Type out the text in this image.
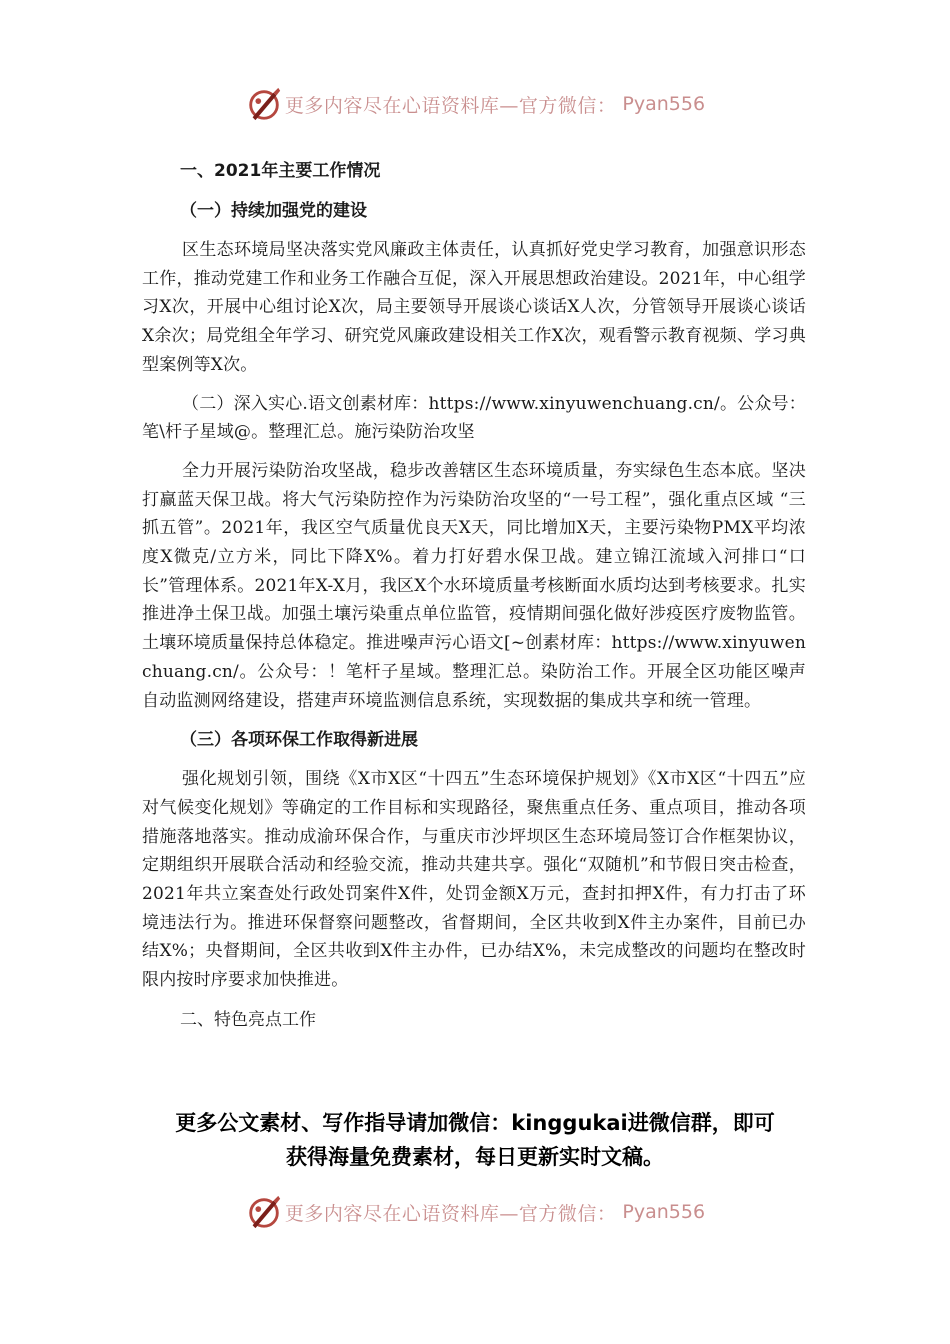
更多内容尽在心语资料库—官方微信： Pyan556
一、2021年主要工作情况
（一）持续加强党的建设

区生态环境局坚决落实党风廉政主体责任，认真抓好党史学习教育，加强意识形态工作，推动党建工作和业务工作融合互促，深入开展思想政治建设。2021年，中心组学习X次，开展中心组讨论X次，局主要领导开展谈心谈话X人次，分管领导开展谈心谈话X余次；局党组全年学习、研究党风廉政建设相关工作X次，观看警示教育视频、学习典型案例等X次。

（二）深入实心.语文创素材库：https://www.xinyuwenchuang.cn/。公众号：笔\杆子星域@。整理汇总。施污染防治攻坚

全力开展污染防治攻坚战，稳步改善辖区生态环境质量，夯实绿色生态本底。坚决打赢蓝天保卫战。将大气污染防控作为污染防治攻坚的“一号工程”，强化重点区域 “三抓五管”。2021年，我区空气质量优良天X天，同比增加X天，主要污染物PMX平均浓度X微克/立方米，同比下降X%。着力打好碧水保卫战。建立锦江流域入河排口“口长”管理体系。2021年X-X月，我区X个水环境质量考核断面水质均达到考核要求。扎实推进净土保卫战。加强土壤污染重点单位监管，疫情期间强化做好涉疫医疗废物监管。土壤环境质量保持总体稳定。推进噪声污心语文[~创素材库：https://www.xinyuwenchuang.cn/。公众号：！笔杆子星域。整理汇总。染防治工作。开展全区功能区噪声自动监测网络建设，搭建声环境监测信息系统，实现数据的集成共享和统一管理。

（三）各项环保工作取得新进展

强化规划引领，围绕《X市X区“十四五”生态环境保护规划》《X市X区“十四五”应对气候变化规划》等确定的工作目标和实现路径，聚焦重点任务、重点项目，推动各项措施落地落实。推动成渝环保合作，与重庆市沙坪坝区生态环境局签订合作框架协议，定期组织开展联合活动和经验交流，推动共建共享。强化“双随机”和节假日突击检查，2021年共立案查处行政处罚案件X件，处罚金额X万元，查封扣押X件，有力打击了环境违法行为。推进环保督察问题整改，省督期间，全区共收到X件主办案件，目前已办结X%；央督期间，全区共收到X件主办件，已办结X%，未完成整改的问题均在整改时限内按时序要求加快推进。

二、特色亮点工作
更多公文素材、写作指导请加微信：kinggukai进微信群，即可
获得海量免费素材，每日更新实时文稿。
更多内容尽在心语资料库—官方微信： Pyan556
